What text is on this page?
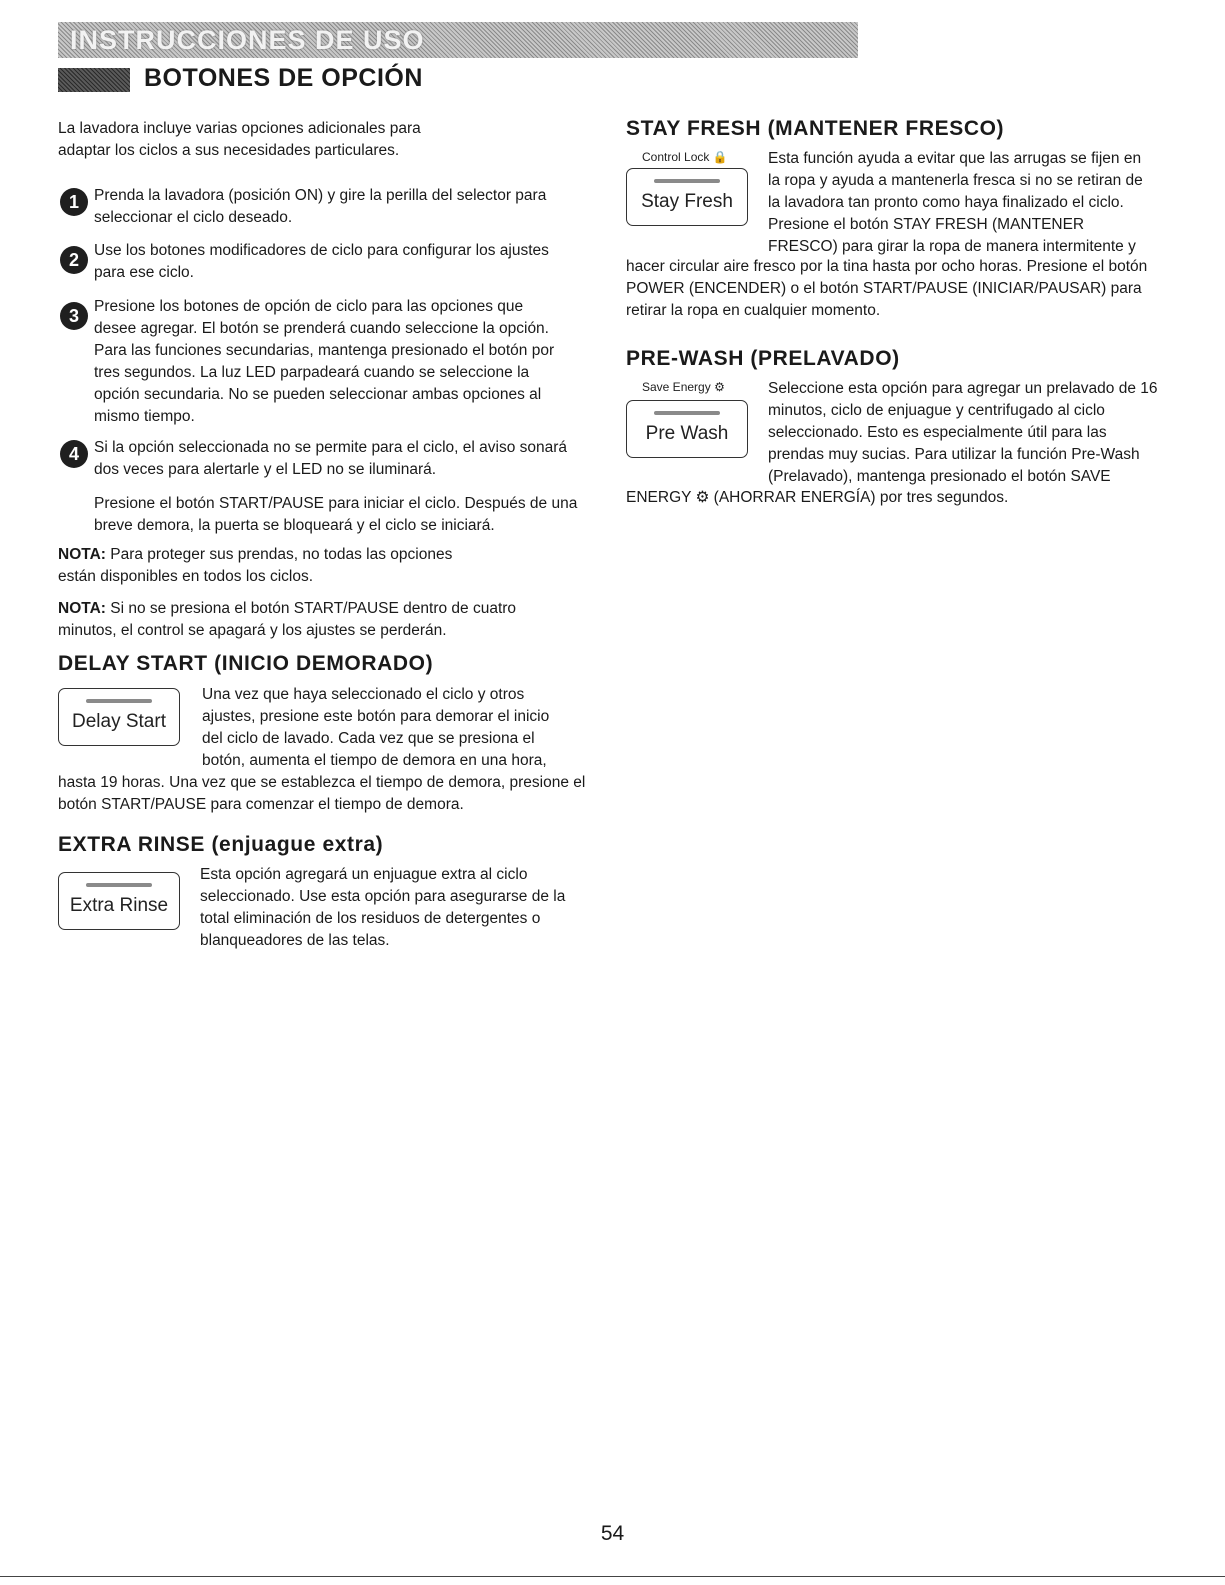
INSTRUCCIONES DE USO
BOTONES DE OPCIÓN

La lavadora incluye varias opciones adicionales para adaptar los ciclos a sus necesidades particulares.

1 Prenda la lavadora (posición ON) y gire la perilla del selector para seleccionar el ciclo deseado.

2 Use los botones modificadores de ciclo para configurar los ajustes para ese ciclo.

3 Presione los botones de opción de ciclo para las opciones que desee agregar. El botón se prenderá cuando seleccione la opción. Para las funciones secundarias, mantenga presionado el botón por tres segundos. La luz LED parpadeará cuando se seleccione la opción secundaria. No se pueden seleccionar ambas opciones al mismo tiempo.

4 Si la opción seleccionada no se permite para el ciclo, el aviso sonará dos veces para alertarle y el LED no se iluminará.

Presione el botón START/PAUSE para iniciar el ciclo. Después de una breve demora, la puerta se bloqueará y el ciclo se iniciará.

NOTA: Para proteger sus prendas, no todas las opciones están disponibles en todos los ciclos.

NOTA: Si no se presiona el botón START/PAUSE dentro de cuatro minutos, el control se apagará y los ajustes se perderán.

DELAY START (INICIO DEMORADO)
Delay Start

Una vez que haya seleccionado el ciclo y otros ajustes, presione este botón para demorar el inicio del ciclo de lavado. Cada vez que se presiona el botón, aumenta el tiempo de demora en una hora,

hasta 19 horas. Una vez que se establezca el tiempo de demora, presione el botón START/PAUSE para comenzar el tiempo de demora.

EXTRA RINSE (enjuague extra)
Extra Rinse

Esta opción agregará un enjuague extra al ciclo seleccionado. Use esta opción para asegurarse de la total eliminación de los residuos de detergentes o blanqueadores de las telas.

STAY FRESH (MANTENER FRESCO)
Control Lock 🔒
Stay Fresh

Esta función ayuda a evitar que las arrugas se fijen en la ropa y ayuda a mantenerla fresca si no se retiran de la lavadora tan pronto como haya finalizado el ciclo. Presione el botón STAY FRESH (MANTENER FRESCO) para girar la ropa de manera intermitente y

hacer circular aire fresco por la tina hasta por ocho horas. Presione el botón POWER (ENCENDER) o el botón START/PAUSE (INICIAR/PAUSAR) para retirar la ropa en cualquier momento.

PRE-WASH (PRELAVADO)
Save Energy ⚙
Pre Wash

Seleccione esta opción para agregar un prelavado de 16 minutos, ciclo de enjuague y centrifugado al ciclo seleccionado. Esto es especialmente útil para las prendas muy sucias. Para utilizar la función Pre-Wash (Prelavado), mantenga presionado el botón SAVE

ENERGY ⚙ (AHORRAR ENERGÍA) por tres segundos.

54
